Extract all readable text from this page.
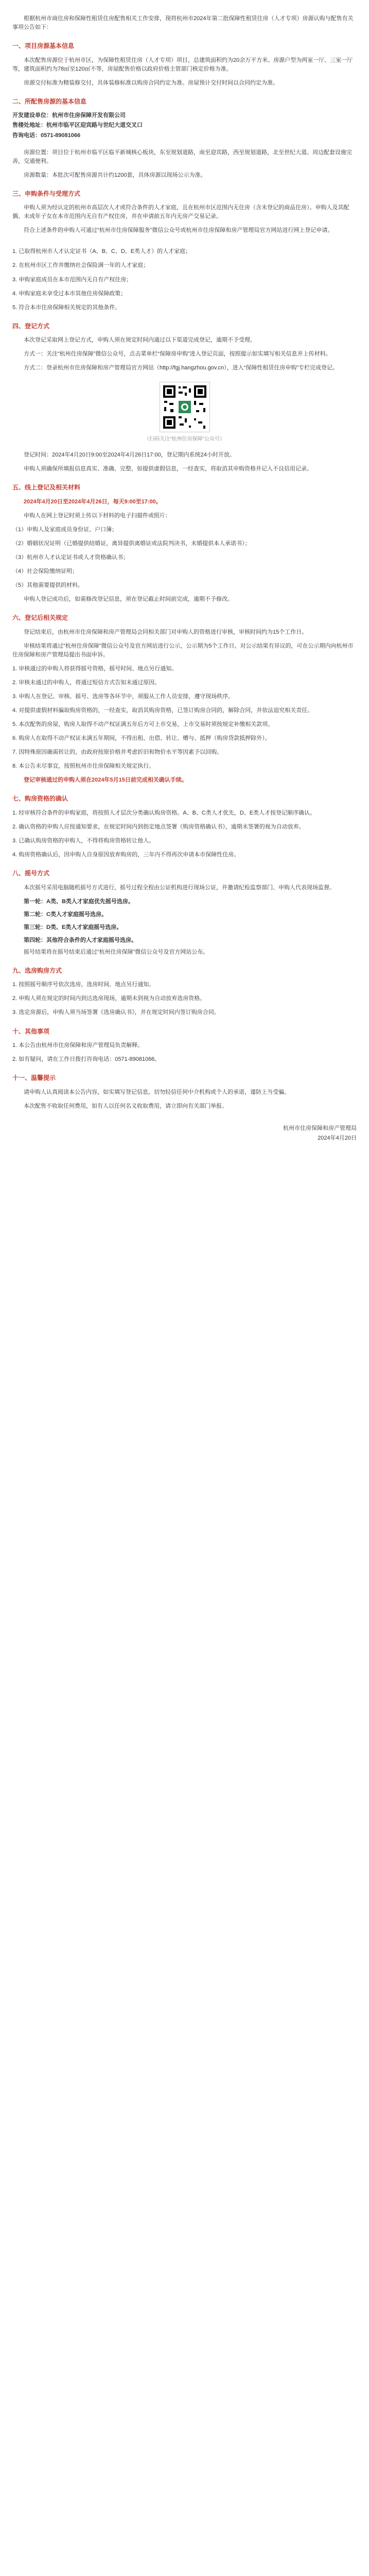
根据杭州市商住房和保障性租赁住房配售相关工作安排，现将杭州市2024年第二批保障性租赁住房（人才专项）房源认购与配售有关事项公告如下：

一、项目房源基本信息

本次配售房源位于杭州市区，为保障性租赁住房（人才专项）项目，总建筑面积约为20余万平方米。房源户型为两室一厅、三室一厅等，建筑面积约为78㎡至120㎡不等，房屋配售价格以政府价格主管部门核定价格为准。

房源交付标准为精装修交付，具体装修标准以购房合同约定为准。房屋预计交付时间以合同约定为准。

二、所配售房源的基本信息

开发建设单位：杭州市住房保障开发有限公司

售楼处地址：杭州市临平区迎宾路与世纪大道交叉口

咨询电话：0571-89081066

房源位置：项目位于杭州市临平区临平新城核心板块，东至规划道路，南至迎宾路，西至规划道路，北至世纪大道。周边配套设施完善，交通便利。

房源数量：本批次可配售房源共计约1200套，具体房源以现场公示为准。

三、申购条件与受理方式

申购人须为经认定的杭州市高层次人才或符合条件的人才家庭，且在杭州市区范围内无住房（含未登记的商品住房）。申购人及其配偶、未成年子女在本市范围内无自有产权住房，并在申请前五年内无房产交易记录。

符合上述条件的申购人可通过“杭州市住房保障服务”微信公众号或杭州市住房保障和房产管理局官方网站进行网上登记申请。

1. 已取得杭州市人才认定证书（A、B、C、D、E类人才）的人才家庭；

2. 在杭州市区工作并缴纳社会保险满一年的人才家庭；

3. 申购家庭成员在本市范围内无自有产权住房；

4. 申购家庭未享受过本市其他住房保障政策；

5. 符合本市住房保障相关规定的其他条件。

四、登记方式

本次登记采取网上登记方式，申购人须在规定时间内通过以下渠道完成登记，逾期不予受理。

方式一：关注“杭州住房保障”微信公众号，点击菜单栏“保障房申购”进入登记页面，按照提示如实填写相关信息并上传材料。

方式二：登录杭州市住房保障和房产管理局官方网站（http://fgj.hangzhou.gov.cn），进入“保障性租赁住房申购”专栏完成登记。

（扫码关注“杭州住房保障”公众号）

登记时间：2024年4月20日9:00至2024年4月26日17:00，登记期内系统24小时开放。

申购人须确保所填报信息真实、准确、完整，如提供虚假信息，一经查实，将取消其申购资格并记入不良信用记录。

五、线上登记及相关材料

2024年4月20日至2024年4月26日，每天9:00至17:00。

申购人在网上登记时须上传以下材料的电子扫描件或照片：

（1）申购人及家庭成员身份证、户口簿；

（2）婚姻状况证明（已婚提供结婚证，离异提供离婚证或法院判决书，未婚提供本人承诺书）；

（3）杭州市人才认定证书或人才资格确认书；

（4）社会保险缴纳证明；

（5）其他需要提供的材料。

申购人登记成功后，如需修改登记信息，须在登记截止时间前完成，逾期不予修改。

六、登记后相关规定

登记结束后，由杭州市住房保障和房产管理局会同相关部门对申购人的资格进行审核，审核时间约为15个工作日。

审核结果将通过“杭州住房保障”微信公众号及官方网站进行公示，公示期为5个工作日。对公示结果有异议的，可在公示期内向杭州市住房保障和房产管理局提出书面申诉。

1. 审核通过的申购人将获得摇号资格，摇号时间、地点另行通知。

2. 审核未通过的申购人，将通过短信方式告知未通过原因。

3. 申购人在登记、审核、摇号、选房等各环节中，须服从工作人员安排，遵守现场秩序。

4. 对提供虚假材料骗取购房资格的，一经查实，取消其购房资格，已签订购房合同的，解除合同，并依法追究相关责任。

5. 本次配售的房屋，购房人取得不动产权证满五年后方可上市交易，上市交易时须按规定补缴相关款项。

6. 购房人在取得不动产权证未满五年期间，不得出租、出借、转让、赠与、抵押（购房贷款抵押除外）。

7. 因特殊原因确需转让的，由政府按原价格并考虑折旧和物价水平等因素予以回购。

8. 本公告未尽事宜，按照杭州市住房保障相关规定执行。

登记审核通过的申购人须在2024年5月15日前完成相关确认手续。

七、购房资格的确认

1. 经审核符合条件的申购家庭，将按照人才层次分类确认购房资格。A、B、C类人才优先，D、E类人才按登记顺序确认。

2. 确认资格的申购人应按通知要求，在规定时间内到指定地点签署《购房资格确认书》，逾期未签署的视为自动放弃。

3. 已确认购房资格的申购人，不得将购房资格转让他人。

4. 购房资格确认后，因申购人自身原因放弃购房的，三年内不得再次申请本市保障性住房。

八、摇号方式

本次摇号采用电脑随机摇号方式进行，摇号过程全程由公证机构进行现场公证，并邀请纪检监察部门、申购人代表现场监督。

第一轮：A类、B类人才家庭优先摇号选房。

第二轮：C类人才家庭摇号选房。

第三轮：D类、E类人才家庭摇号选房。

第四轮：其他符合条件的人才家庭摇号选房。

摇号结果将在摇号结束后通过“杭州住房保障”微信公众号及官方网站公布。

九、选房购房方式

1. 按照摇号顺序号依次选房，选房时间、地点另行通知。

2. 申购人须在规定的时间内到达选房现场，逾期未到视为自动放弃选房资格。

3. 选定房源后，申购人须当场签署《选房确认书》，并在规定时间内签订购房合同。

十、其他事项

1. 本公告由杭州市住房保障和房产管理局负责解释。

2. 如有疑问，请在工作日拨打咨询电话：0571-89081066。

十一、温馨提示

请申购人认真阅读本公告内容，如实填写登记信息，切勿轻信任何中介机构或个人的承诺，谨防上当受骗。

本次配售不收取任何费用，如有人以任何名义收取费用，请立即向有关部门举报。

杭州市住房保障和房产管理局

2024年4月20日
